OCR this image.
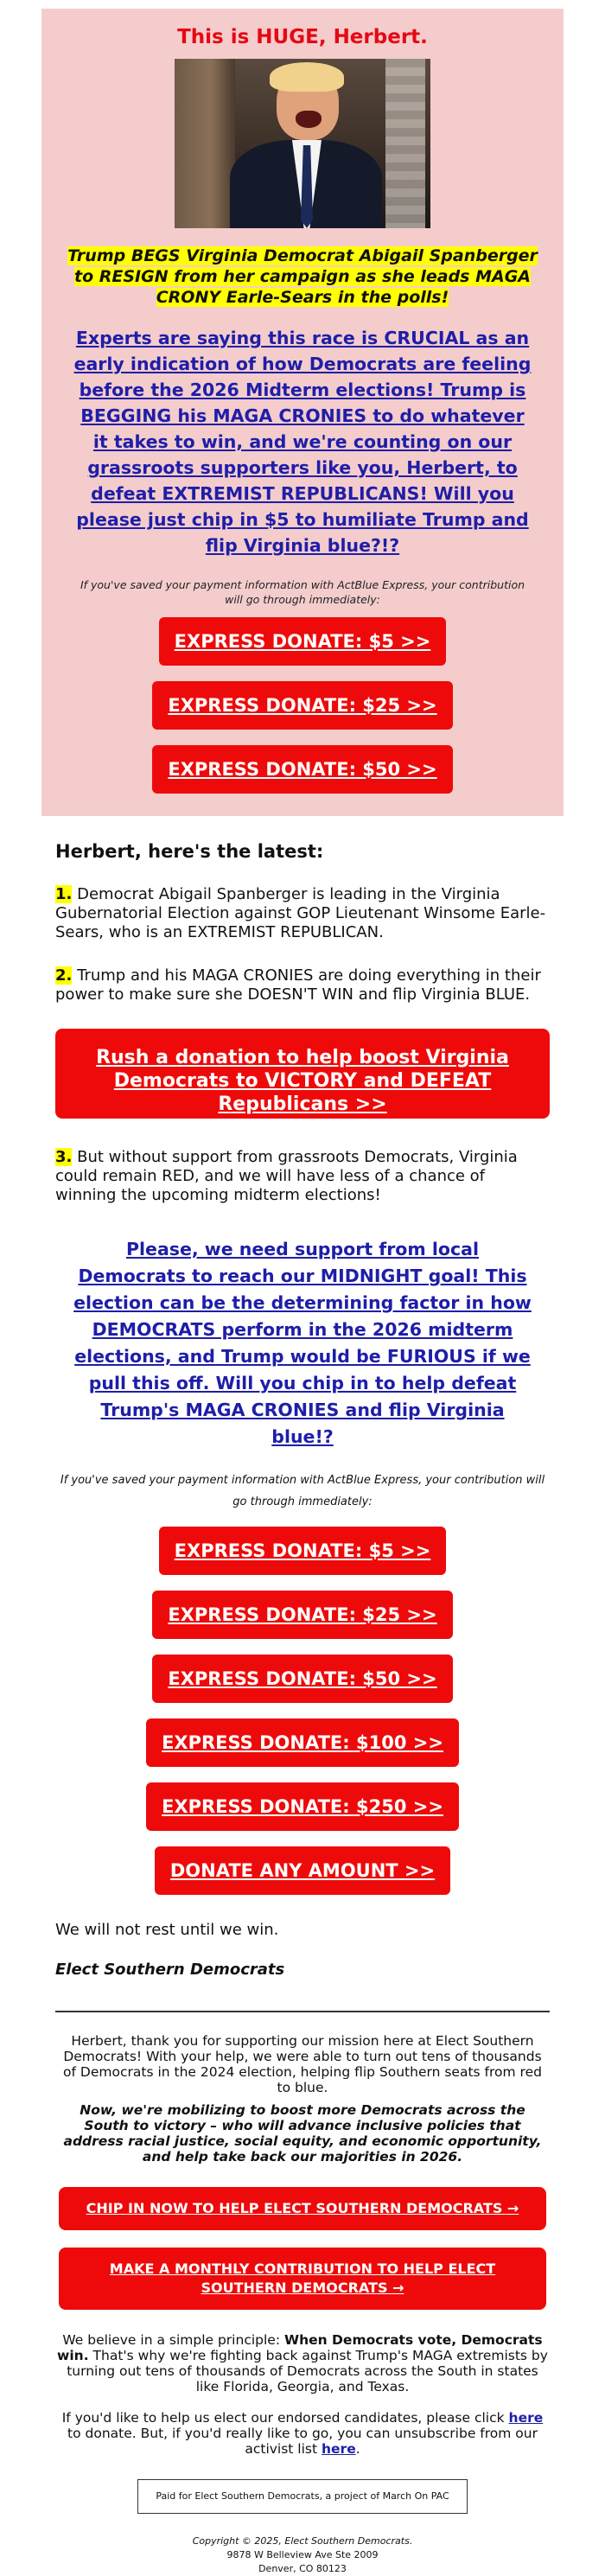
This is HUGE, Herbert.
Trump BEGS Virginia Democrat Abigail Spanberger to RESIGN from her campaign as she leads MAGA CRONY Earle-Sears in the polls!
Experts are saying this race is CRUCIAL as an early indication of how Democrats are feeling before the 2026 Midterm elections! Trump is BEGGING his MAGA CRONIES to do whatever it takes to win, and we're counting on our grassroots supporters like you, Herbert, to defeat EXTREMIST REPUBLICANS! Will you please just chip in $5 to humiliate Trump and flip Virginia blue?!?
If you've saved your payment information with ActBlue Express, your contribution will go through immediately:
EXPRESS DONATE: $5 >>
EXPRESS DONATE: $25 >>
EXPRESS DONATE: $50 >>
Herbert, here's the latest:
1. Democrat Abigail Spanberger is leading in the Virginia Gubernatorial Election against GOP Lieutenant Winsome Earle-Sears, who is an EXTREMIST REPUBLICAN.
2. Trump and his MAGA CRONIES are doing everything in their power to make sure she DOESN'T WIN and flip Virginia BLUE.
Rush a donation to help boost Virginia Democrats to VICTORY and DEFEAT Republicans >>
3. But without support from grassroots Democrats, Virginia could remain RED, and we will have less of a chance of winning the upcoming midterm elections!
Please, we need support from local Democrats to reach our MIDNIGHT goal! This election can be the determining factor in how DEMOCRATS perform in the 2026 midterm elections, and Trump would be FURIOUS if we pull this off. Will you chip in to help defeat Trump's MAGA CRONIES and flip Virginia blue!?
If you've saved your payment information with ActBlue Express, your contribution will go through immediately:
EXPRESS DONATE: $5 >>
EXPRESS DONATE: $25 >>
EXPRESS DONATE: $50 >>
EXPRESS DONATE: $100 >>
EXPRESS DONATE: $250 >>
DONATE ANY AMOUNT >>
We will not rest until we win.
Elect Southern Democrats
Herbert, thank you for supporting our mission here at Elect Southern Democrats! With your help, we were able to turn out tens of thousands of Democrats in the 2024 election, helping flip Southern seats from red to blue.
Now, we're mobilizing to boost more Democrats across the South to victory – who will advance inclusive policies that address racial justice, social equity, and economic opportunity, and help take back our majorities in 2026.
CHIP IN NOW TO HELP ELECT SOUTHERN DEMOCRATS →
MAKE A MONTHLY CONTRIBUTION TO HELP ELECT SOUTHERN DEMOCRATS →
We believe in a simple principle: When Democrats vote, Democrats win. That's why we're fighting back against Trump's MAGA extremists by turning out tens of thousands of Democrats across the South in states like Florida, Georgia, and Texas.
If you'd like to help us elect our endorsed candidates, please click here to donate. But, if you'd really like to go, you can unsubscribe from our activist list here.
Paid for Elect Southern Democrats, a project of March On PAC
Copyright © 2025, Elect Southern Democrats.
9878 W Belleview Ave Ste 2009
Denver, CO 80123
